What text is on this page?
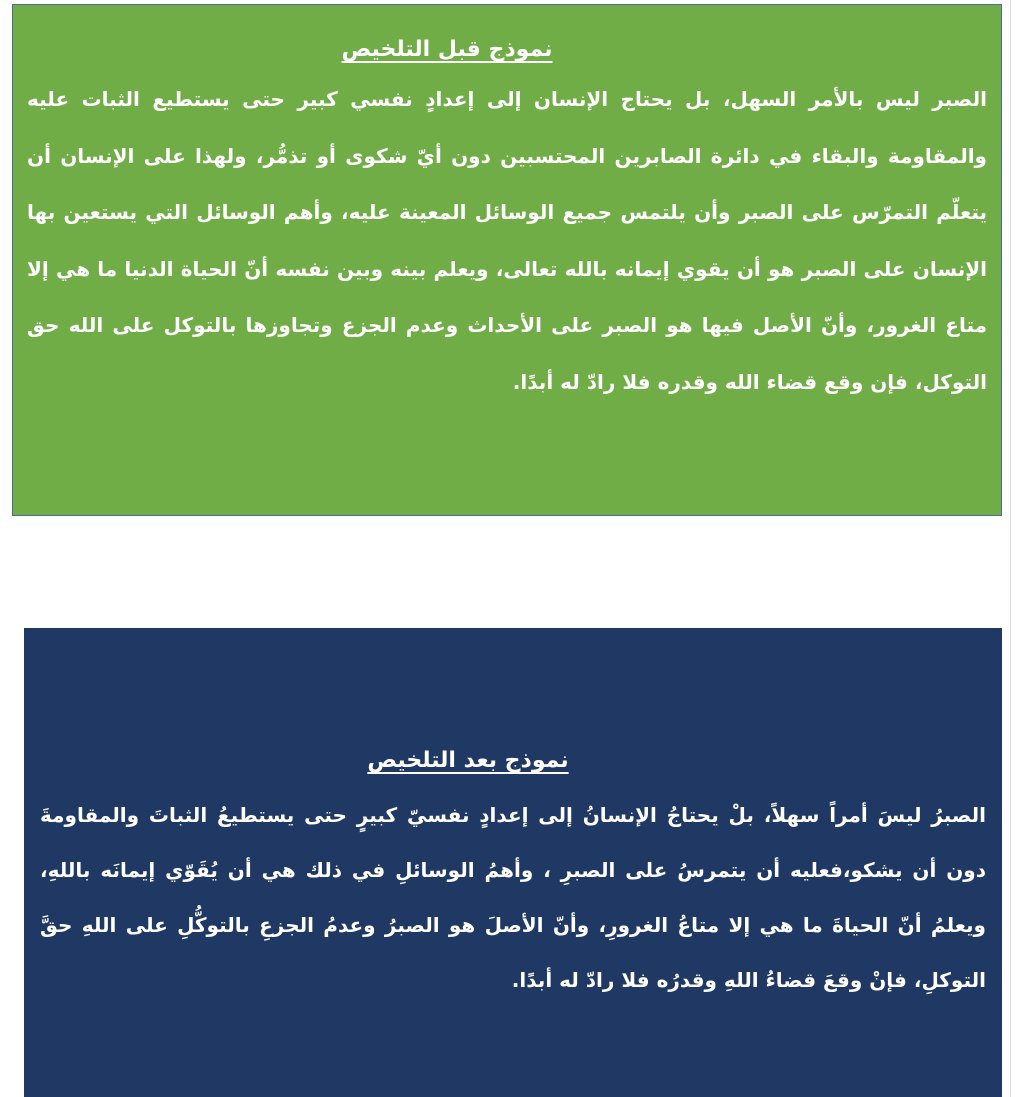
نموذج قبل التلخيص

الصبر ليس بالأمر السهل، بل يحتاج الإنسان إلى إعدادٍ نفسي كبير حتى يستطيع الثبات عليه والمقاومة والبقاء في دائرة الصابرين المحتسبين دون أيّ شكوى أو تذمُّر، ولهذا على الإنسان أن يتعلّم التمرّس على الصبر وأن يلتمس جميع الوسائل المعينة عليه، وأهم الوسائل التي يستعين بها الإنسان على الصبر هو أن يقوي إيمانه بالله تعالى، ويعلم بينه وبين نفسه أنّ الحياة الدنيا ما هي إلا متاع الغرور، وأنّ الأصل فيها هو الصبر على الأحداث وعدم الجزع وتجاوزها بالتوكل على الله حق التوكل، فإن وقع قضاء الله وقدره فلا رادّ له أبدًا.

نموذج بعد التلخيص

الصبرُ ليسَ أمراً سهلاً، بلْ يحتاجُ الإنسانُ إلى إعدادٍ نفسيّ كبيرٍ حتى يستطيعُ الثباتَ والمقاومةَ دون أن يشكو،فعليه أن يتمرسُ على الصبرِ ، وأهمُ الوسائلِ في ذلك هي أن يُقَوّي إيمانَه باللهِ، ويعلمُ أنّ الحياةَ ما هي إلا متاعُ الغرورِ، وأنّ الأصلَ هو الصبرُ وعدمُ الجزعِ بالتوكُّلِ على اللهِ حقَّ التوكلِ، فإنْ وقعَ قضاءُ اللهِ وقدرُه فلا رادّ له أبدًا.
